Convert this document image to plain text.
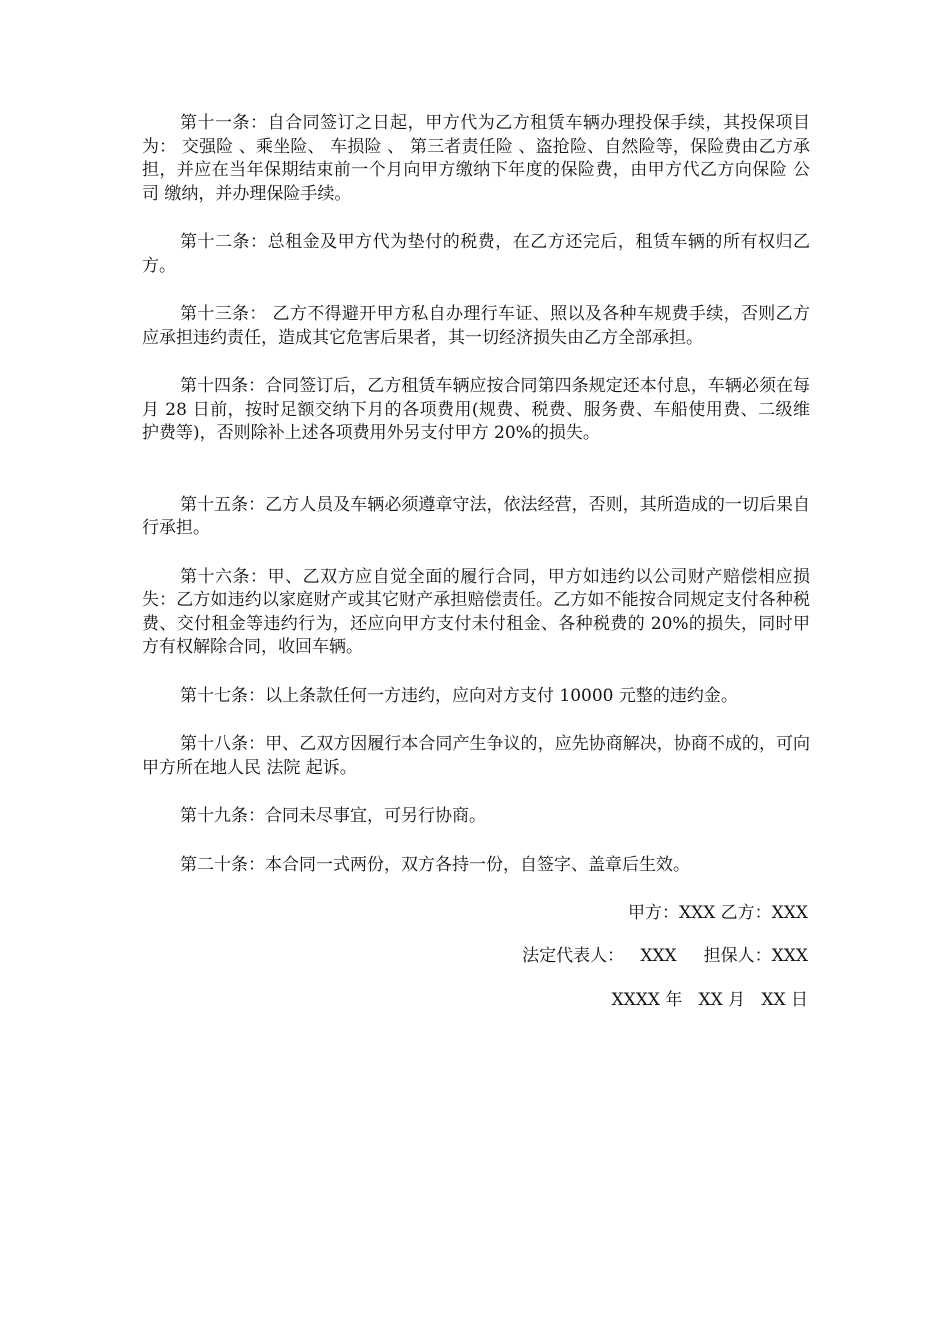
第十一条：自合同签订之日起，甲方代为乙方租赁车辆办理投保手续，其投保项目为： 交强险 、乘坐险、 车损险 、 第三者责任险 、盗抢险、自然险等，保险费由乙方承担，并应在当年保期结束前一个月向甲方缴纳下年度的保险费，由甲方代乙方向保险 公司 缴纳，并办理保险手续。

第十二条：总租金及甲方代为垫付的税费，在乙方还完后，租赁车辆的所有权归乙方。

第十三条： 乙方不得避开甲方私自办理行车证、照以及各种车规费手续，否则乙方应承担违约责任，造成其它危害后果者，其一切经济损失由乙方全部承担。

第十四条：合同签订后，乙方租赁车辆应按合同第四条规定还本付息，车辆必须在每月 28 日前，按时足额交纳下月的各项费用(规费、税费、服务费、车船使用费、二级维护费等)，否则除补上述各项费用外另支付甲方 20%的损失。

第十五条：乙方人员及车辆必须遵章守法，依法经营，否则，其所造成的一切后果自行承担。

第十六条：甲、乙双方应自觉全面的履行合同，甲方如违约以公司财产赔偿相应损失：乙方如违约以家庭财产或其它财产承担赔偿责任。乙方如不能按合同规定支付各种税费、交付租金等违约行为，还应向甲方支付未付租金、各种税费的 20%的损失，同时甲方有权解除合同，收回车辆。

第十七条：以上条款任何一方违约，应向对方支付 10000 元整的违约金。

第十八条：甲、乙双方因履行本合同产生争议的，应先协商解决，协商不成的，可向甲方所在地人民 法院 起诉。

第十九条：合同未尽事宜，可另行协商。

第二十条：本合同一式两份，双方各持一份，自签字、盖章后生效。

甲方：XXX 乙方：XXX

法定代表人：   XXX     担保人：XXX

XXXX 年   XX 月   XX 日
